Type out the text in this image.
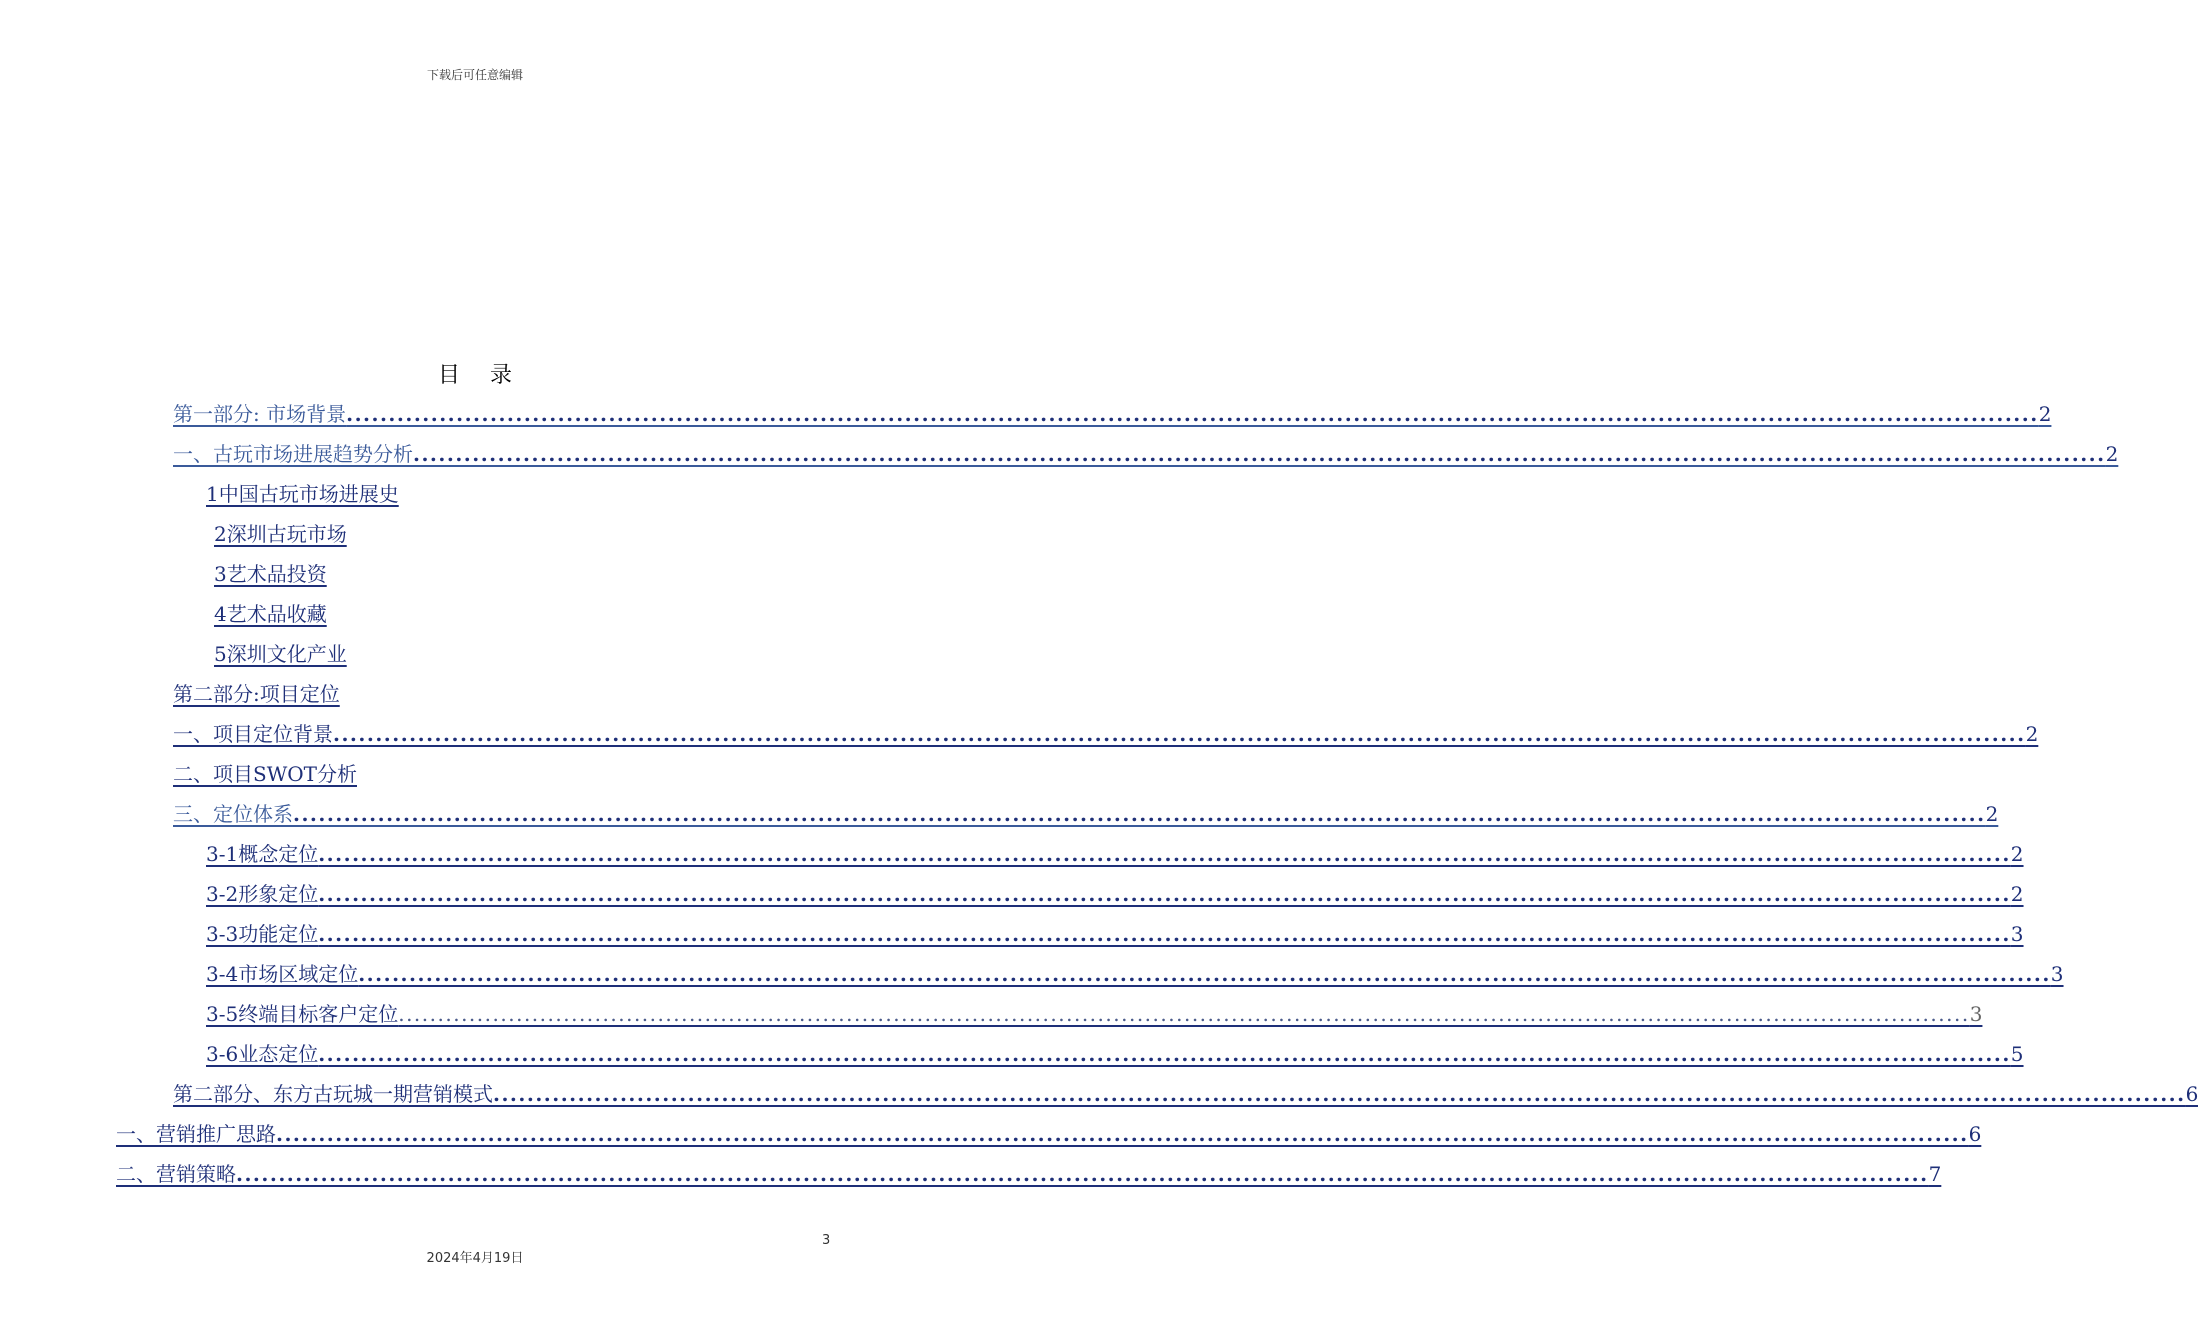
下载后可任意编辑
目录
第一部分: 市场背景 ........................................................................................................................................................................................................ 2
一、古玩市场进展趋势分析 ........................................................................................................................................................................................................ 2
1中国古玩市场进展史
2深圳古玩市场
3艺术品投资
4艺术品收藏
5深圳文化产业
第二部分:项目定位
一、项目定位背景 ........................................................................................................................................................................................................ 2
二、项目SWOT分析
三、定位体系 ........................................................................................................................................................................................................ 2
3-1概念定位 ........................................................................................................................................................................................................ 2
3-2形象定位 ........................................................................................................................................................................................................ 2
3-3功能定位 ........................................................................................................................................................................................................ 3
3-4市场区域定位 ........................................................................................................................................................................................................ 3
3-5终端目标客户定位 ........................................................................................................................................................................................................ 3
3-6业态定位 ........................................................................................................................................................................................................ 5
第二部分、东方古玩城一期营销模式 ........................................................................................................................................................................................................ 6
一、营销推广思路 ........................................................................................................................................................................................................ 6
二、营销策略 ........................................................................................................................................................................................................ 7
3
2024年4月19日
